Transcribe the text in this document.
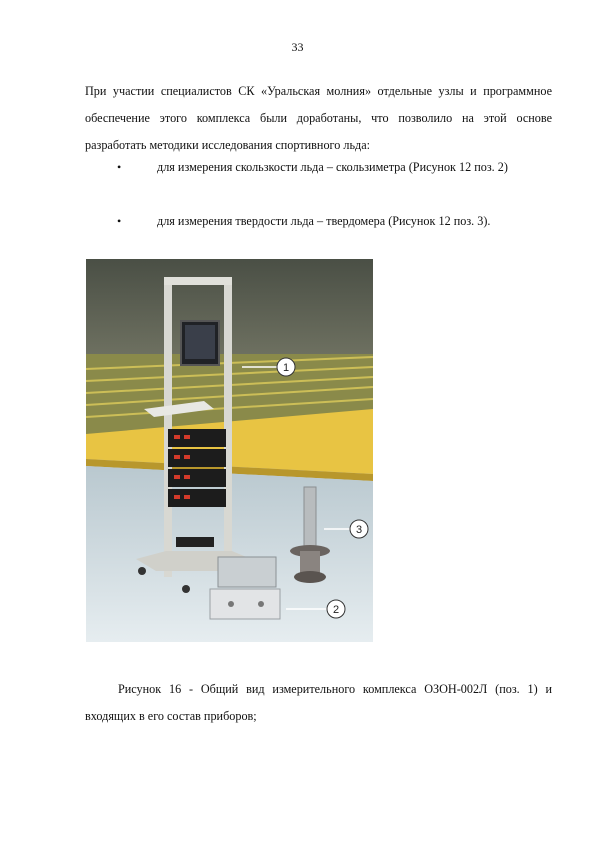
33
При участии специалистов СК «Уральская молния» отдельные узлы и программное обеспечение этого комплекса были доработаны, что позволило на этой основе разработать методики исследования спортивного льда:
•	для измерения скользкости льда – скользиметра (Рисунок 12 поз. 2)
•	для измерения твердости льда – твердомера (Рисунок 12 поз. 3).
1
3
2
Рисунок 16 - Общий вид измерительного комплекса ОЗОН-002Л (поз. 1) и входящих в его состав приборов;
